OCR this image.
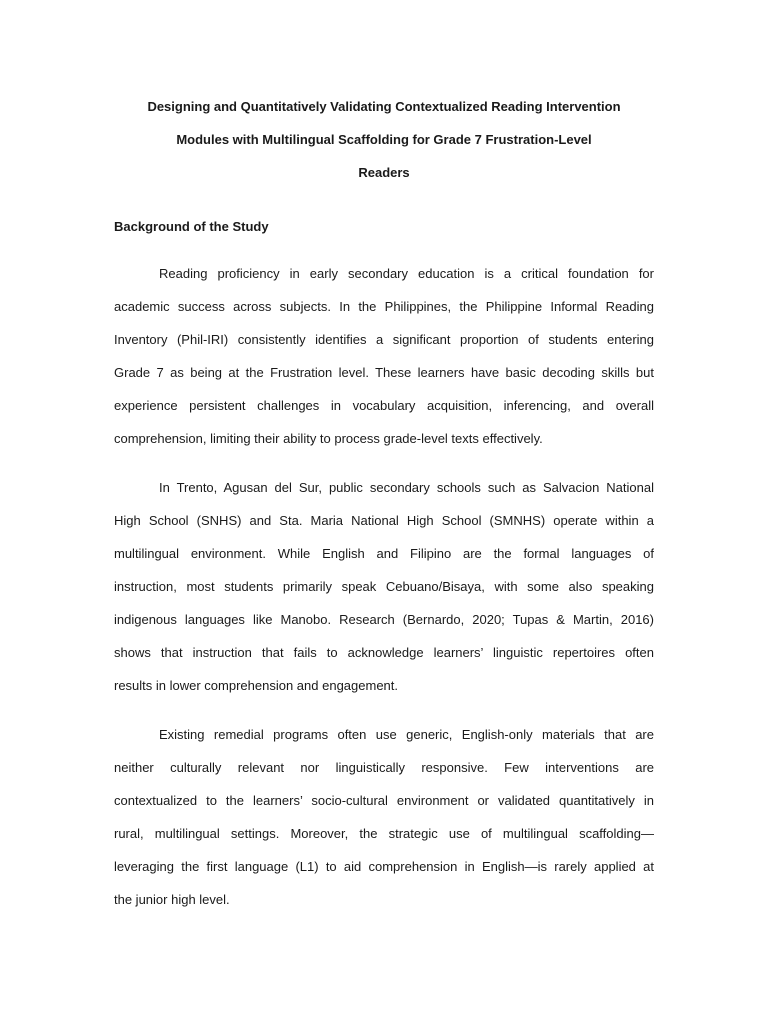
Designing and Quantitatively Validating Contextualized Reading Intervention
Modules with Multilingual Scaffolding for Grade 7 Frustration-Level
Readers
Background of the Study
Reading proficiency in early secondary education is a critical foundation for
academic success across subjects. In the Philippines, the Philippine Informal Reading
Inventory (Phil-IRI) consistently identifies a significant proportion of students entering
Grade 7 as being at the Frustration level. These learners have basic decoding skills but
experience persistent challenges in vocabulary acquisition, inferencing, and overall
comprehension, limiting their ability to process grade-level texts effectively.
In Trento, Agusan del Sur, public secondary schools such as Salvacion National
High School (SNHS) and Sta. Maria National High School (SMNHS) operate within a
multilingual environment. While English and Filipino are the formal languages of
instruction, most students primarily speak Cebuano/Bisaya, with some also speaking
indigenous languages like Manobo. Research (Bernardo, 2020; Tupas & Martin, 2016)
shows that instruction that fails to acknowledge learners’ linguistic repertoires often
results in lower comprehension and engagement.
Existing remedial programs often use generic, English-only materials that are
neither culturally relevant nor linguistically responsive. Few interventions are
contextualized to the learners’ socio-cultural environment or validated quantitatively in
rural, multilingual settings. Moreover, the strategic use of multilingual scaffolding—
leveraging the first language (L1) to aid comprehension in English—is rarely applied at
the junior high level.
